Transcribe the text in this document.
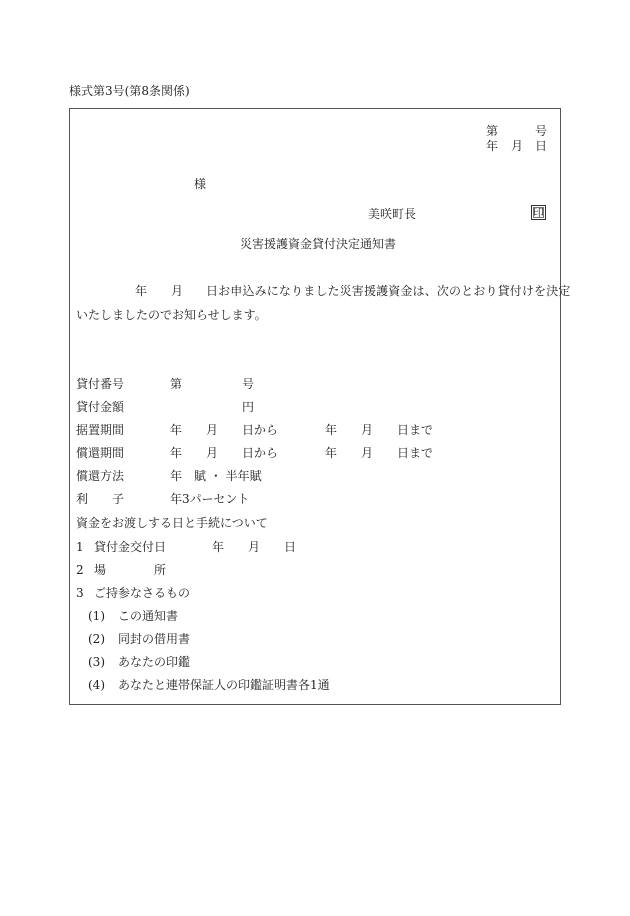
様式第3号(第8条関係)
第	号
年 月 日
様
美咲町長	印
災害援護資金貸付決定通知書
年 月 日お申込みになりました災害援護資金は、次のとおり貸付けを決定
いたしましたのでお知らせします。
貸付番号	第	号
貸付金額	円
据置期間	年 月 日から	年 月 日まで
償還期間	年 月 日から	年 月 日まで
償還方法	年　賦 ・ 半年賦
利　　子	年3パーセント
資金をお渡しする日と手続について
1 貸付金交付日	年 月 日
2 場　　　　所
3 ご持参なさるもの
(1) この通知書
(2) 同封の借用書
(3) あなたの印鑑
(4) あなたと連帯保証人の印鑑証明書各1通
